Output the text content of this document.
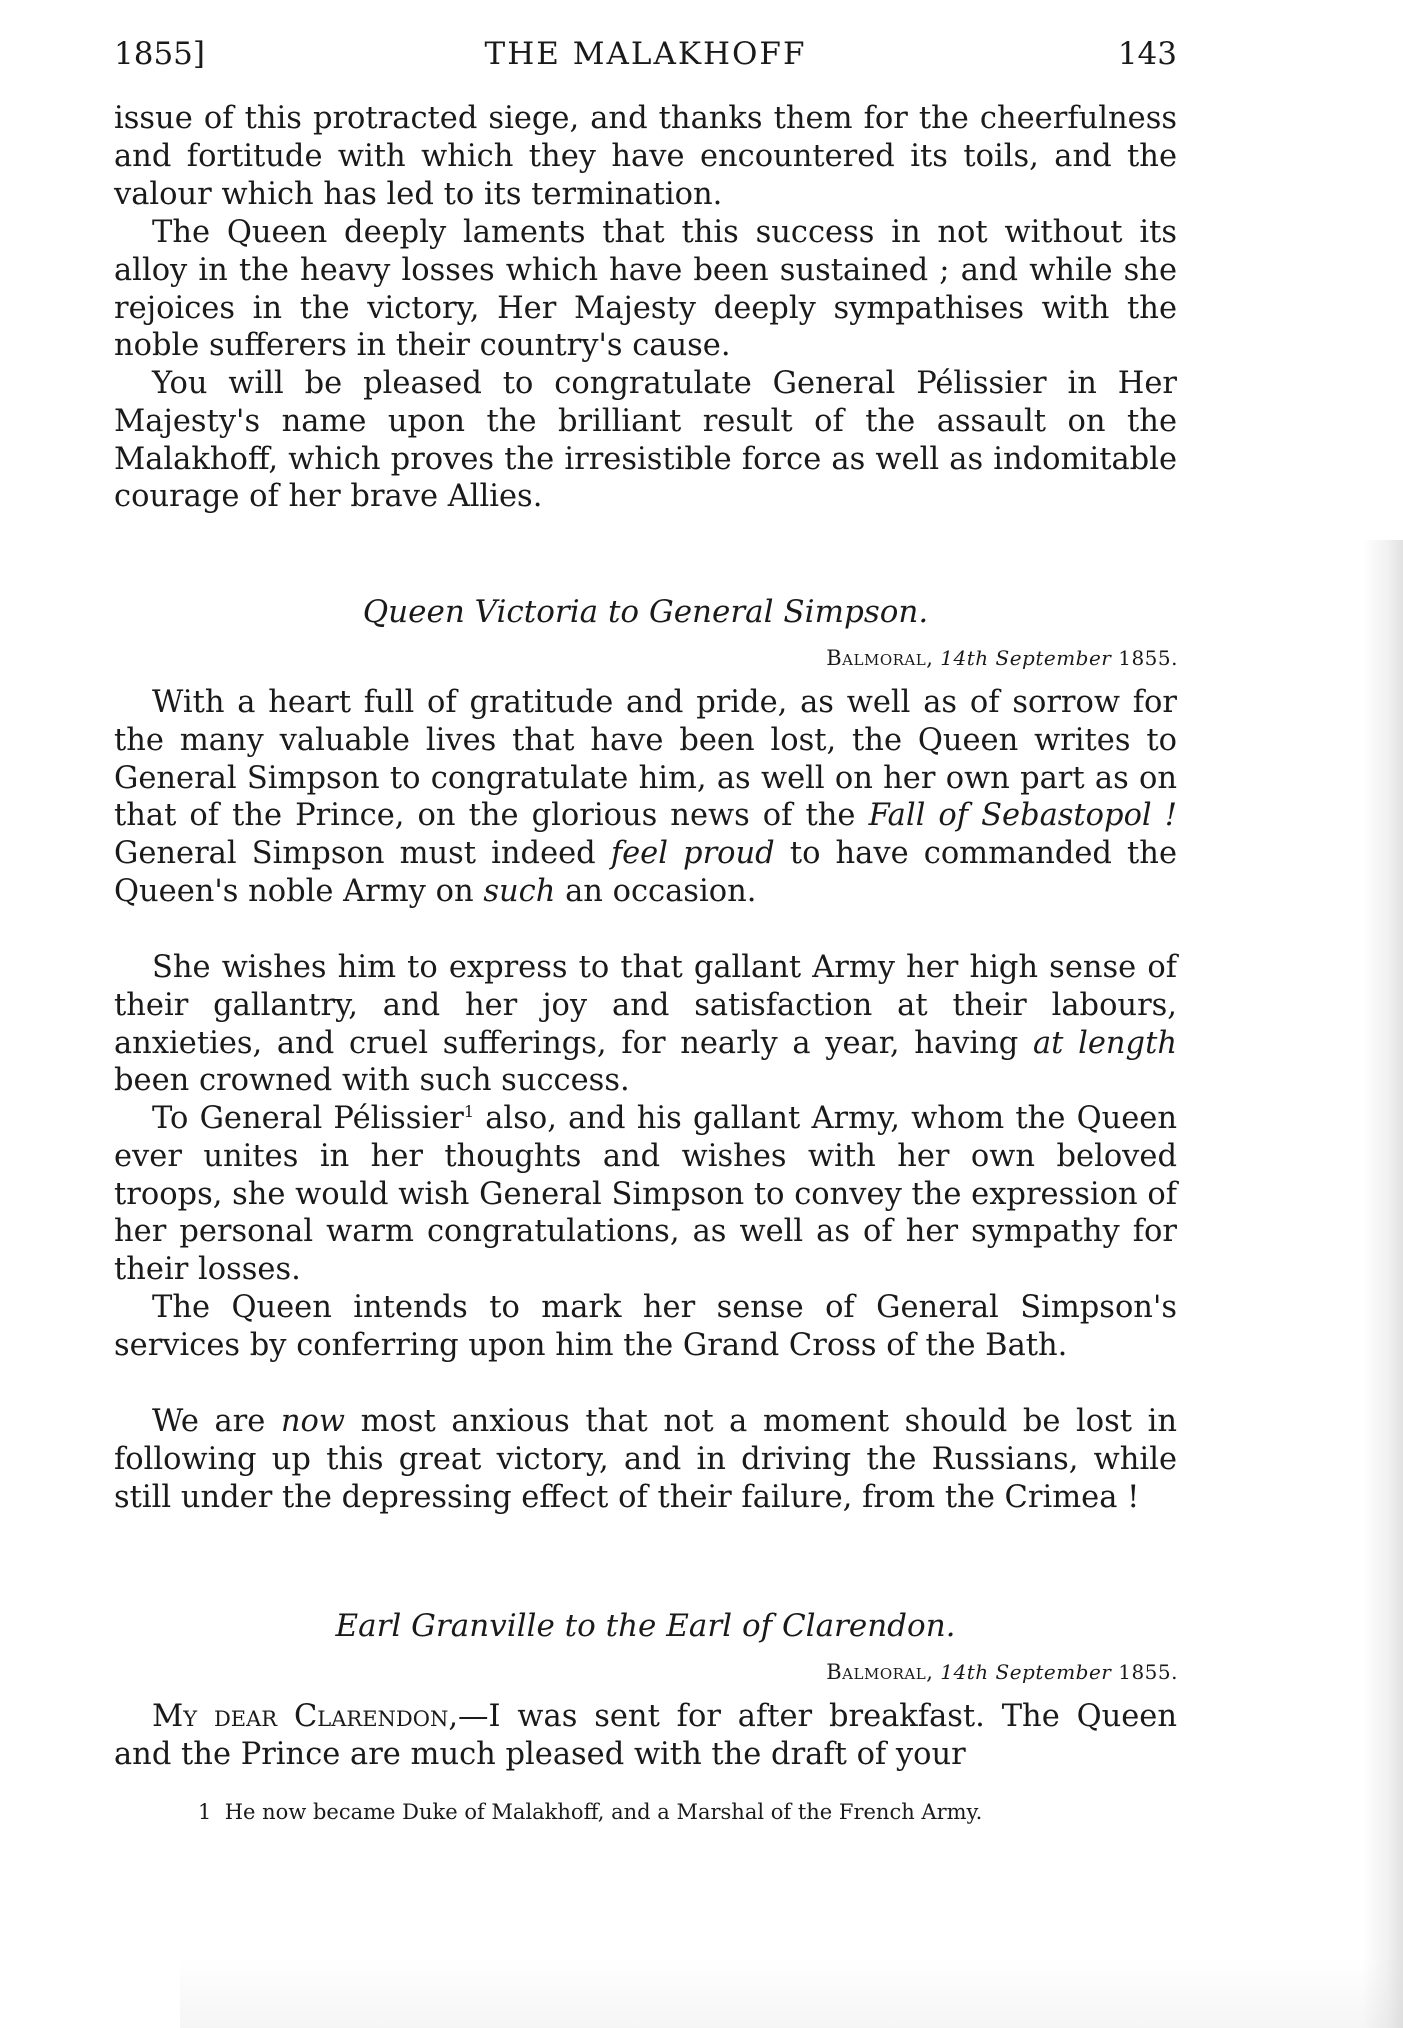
1855]	THE MALAKHOFF	143

issue of this protracted siege, and thanks them for the cheerfulness and fortitude with which they have encountered its toils, and the valour which has led to its termination.

The Queen deeply laments that this success in not without its alloy in the heavy losses which have been sustained ; and while she rejoices in the victory, Her Majesty deeply sympathises with the noble sufferers in their country's cause.

You will be pleased to congratulate General Pélissier in Her Majesty's name upon the brilliant result of the assault on the Malakhoff, which proves the irresistible force as well as indomitable courage of her brave Allies.

Queen Victoria to General Simpson.

Balmoral, 14th September 1855.

With a heart full of gratitude and pride, as well as of sorrow for the many valuable lives that have been lost, the Queen writes to General Simpson to congratulate him, as well on her own part as on that of the Prince, on the glorious news of the Fall of Sebastopol ! General Simpson must indeed feel proud to have commanded the Queen's noble Army on such an occasion.

She wishes him to express to that gallant Army her high sense of their gallantry, and her joy and satisfaction at their labours, anxieties, and cruel sufferings, for nearly a year, having at length been crowned with such success.

To General Pélissier$^1$ also, and his gallant Army, whom the Queen ever unites in her thoughts and wishes with her own beloved troops, she would wish General Simpson to convey the expression of her personal warm congratulations, as well as of her sympathy for their losses.

The Queen intends to mark her sense of General Simpson's services by conferring upon him the Grand Cross of the Bath.

We are now most anxious that not a moment should be lost in following up this great victory, and in driving the Russians, while still under the depressing effect of their failure, from the Crimea !

Earl Granville to the Earl of Clarendon.

Balmoral, 14th September 1855.

My dear Clarendon,—I was sent for after breakfast. The Queen and the Prince are much pleased with the draft of your

1 He now became Duke of Malakhoff, and a Marshal of the French Army.
